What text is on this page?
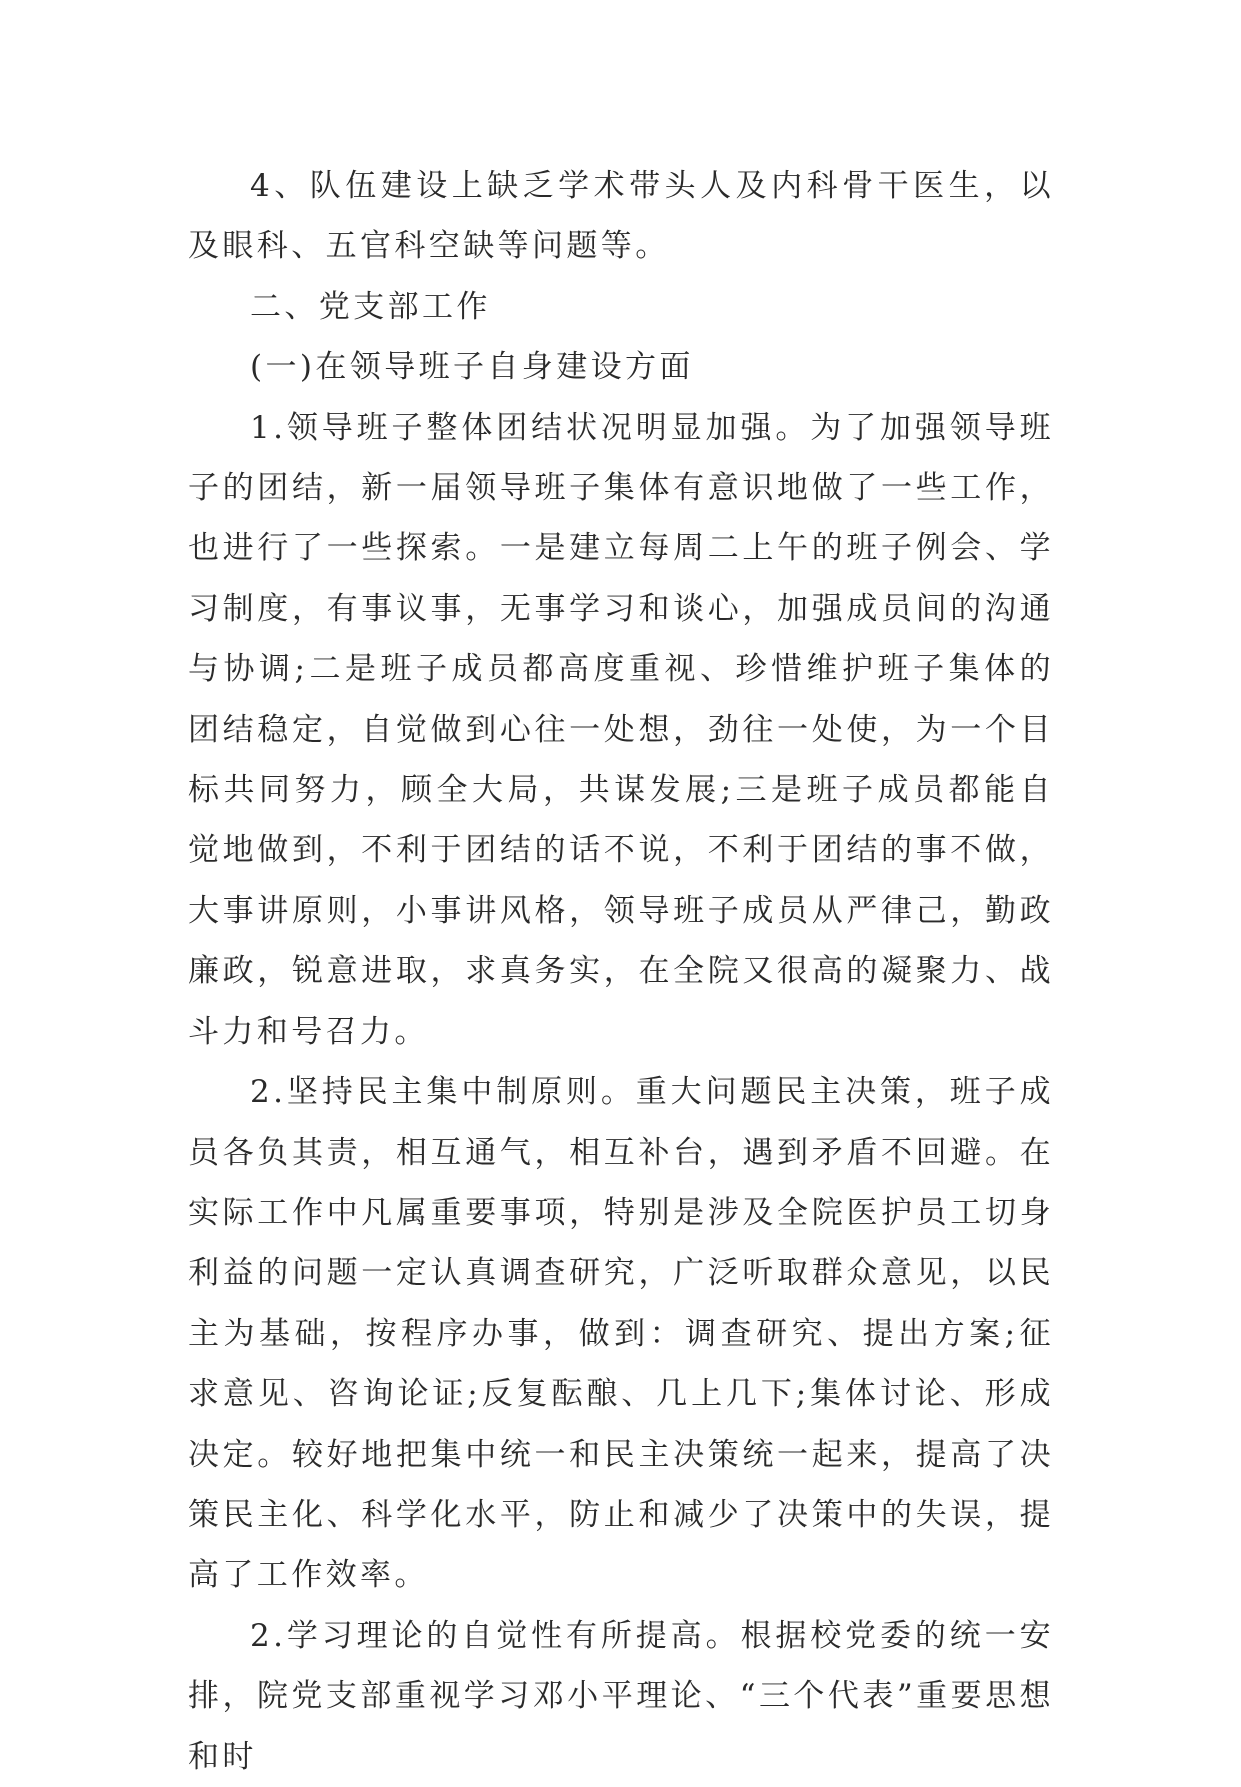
4、队伍建设上缺乏学术带头人及内科骨干医生，以及眼科、五官科空缺等问题等。

二、党支部工作

(一)在领导班子自身建设方面

1.领导班子整体团结状况明显加强。为了加强领导班子的团结，新一届领导班子集体有意识地做了一些工作，也进行了一些探索。一是建立每周二上午的班子例会、学习制度，有事议事，无事学习和谈心，加强成员间的沟通与协调;二是班子成员都高度重视、珍惜维护班子集体的团结稳定，自觉做到心往一处想，劲往一处使，为一个目标共同努力，顾全大局，共谋发展;三是班子成员都能自觉地做到，不利于团结的话不说，不利于团结的事不做，大事讲原则，小事讲风格，领导班子成员从严律己，勤政廉政，锐意进取，求真务实，在全院又很高的凝聚力、战斗力和号召力。

2.坚持民主集中制原则。重大问题民主决策，班子成员各负其责，相互通气，相互补台，遇到矛盾不回避。在实际工作中凡属重要事项，特别是涉及全院医护员工切身利益的问题一定认真调查研究，广泛听取群众意见，以民主为基础，按程序办事，做到：调查研究、提出方案;征求意见、咨询论证;反复酝酿、几上几下;集体讨论、形成决定。较好地把集中统一和民主决策统一起来，提高了决策民主化、科学化水平，防止和减少了决策中的失误，提高了工作效率。

2.学习理论的自觉性有所提高。根据校党委的统一安排，院党支部重视学习邓小平理论、“三个代表”重要思想和时
